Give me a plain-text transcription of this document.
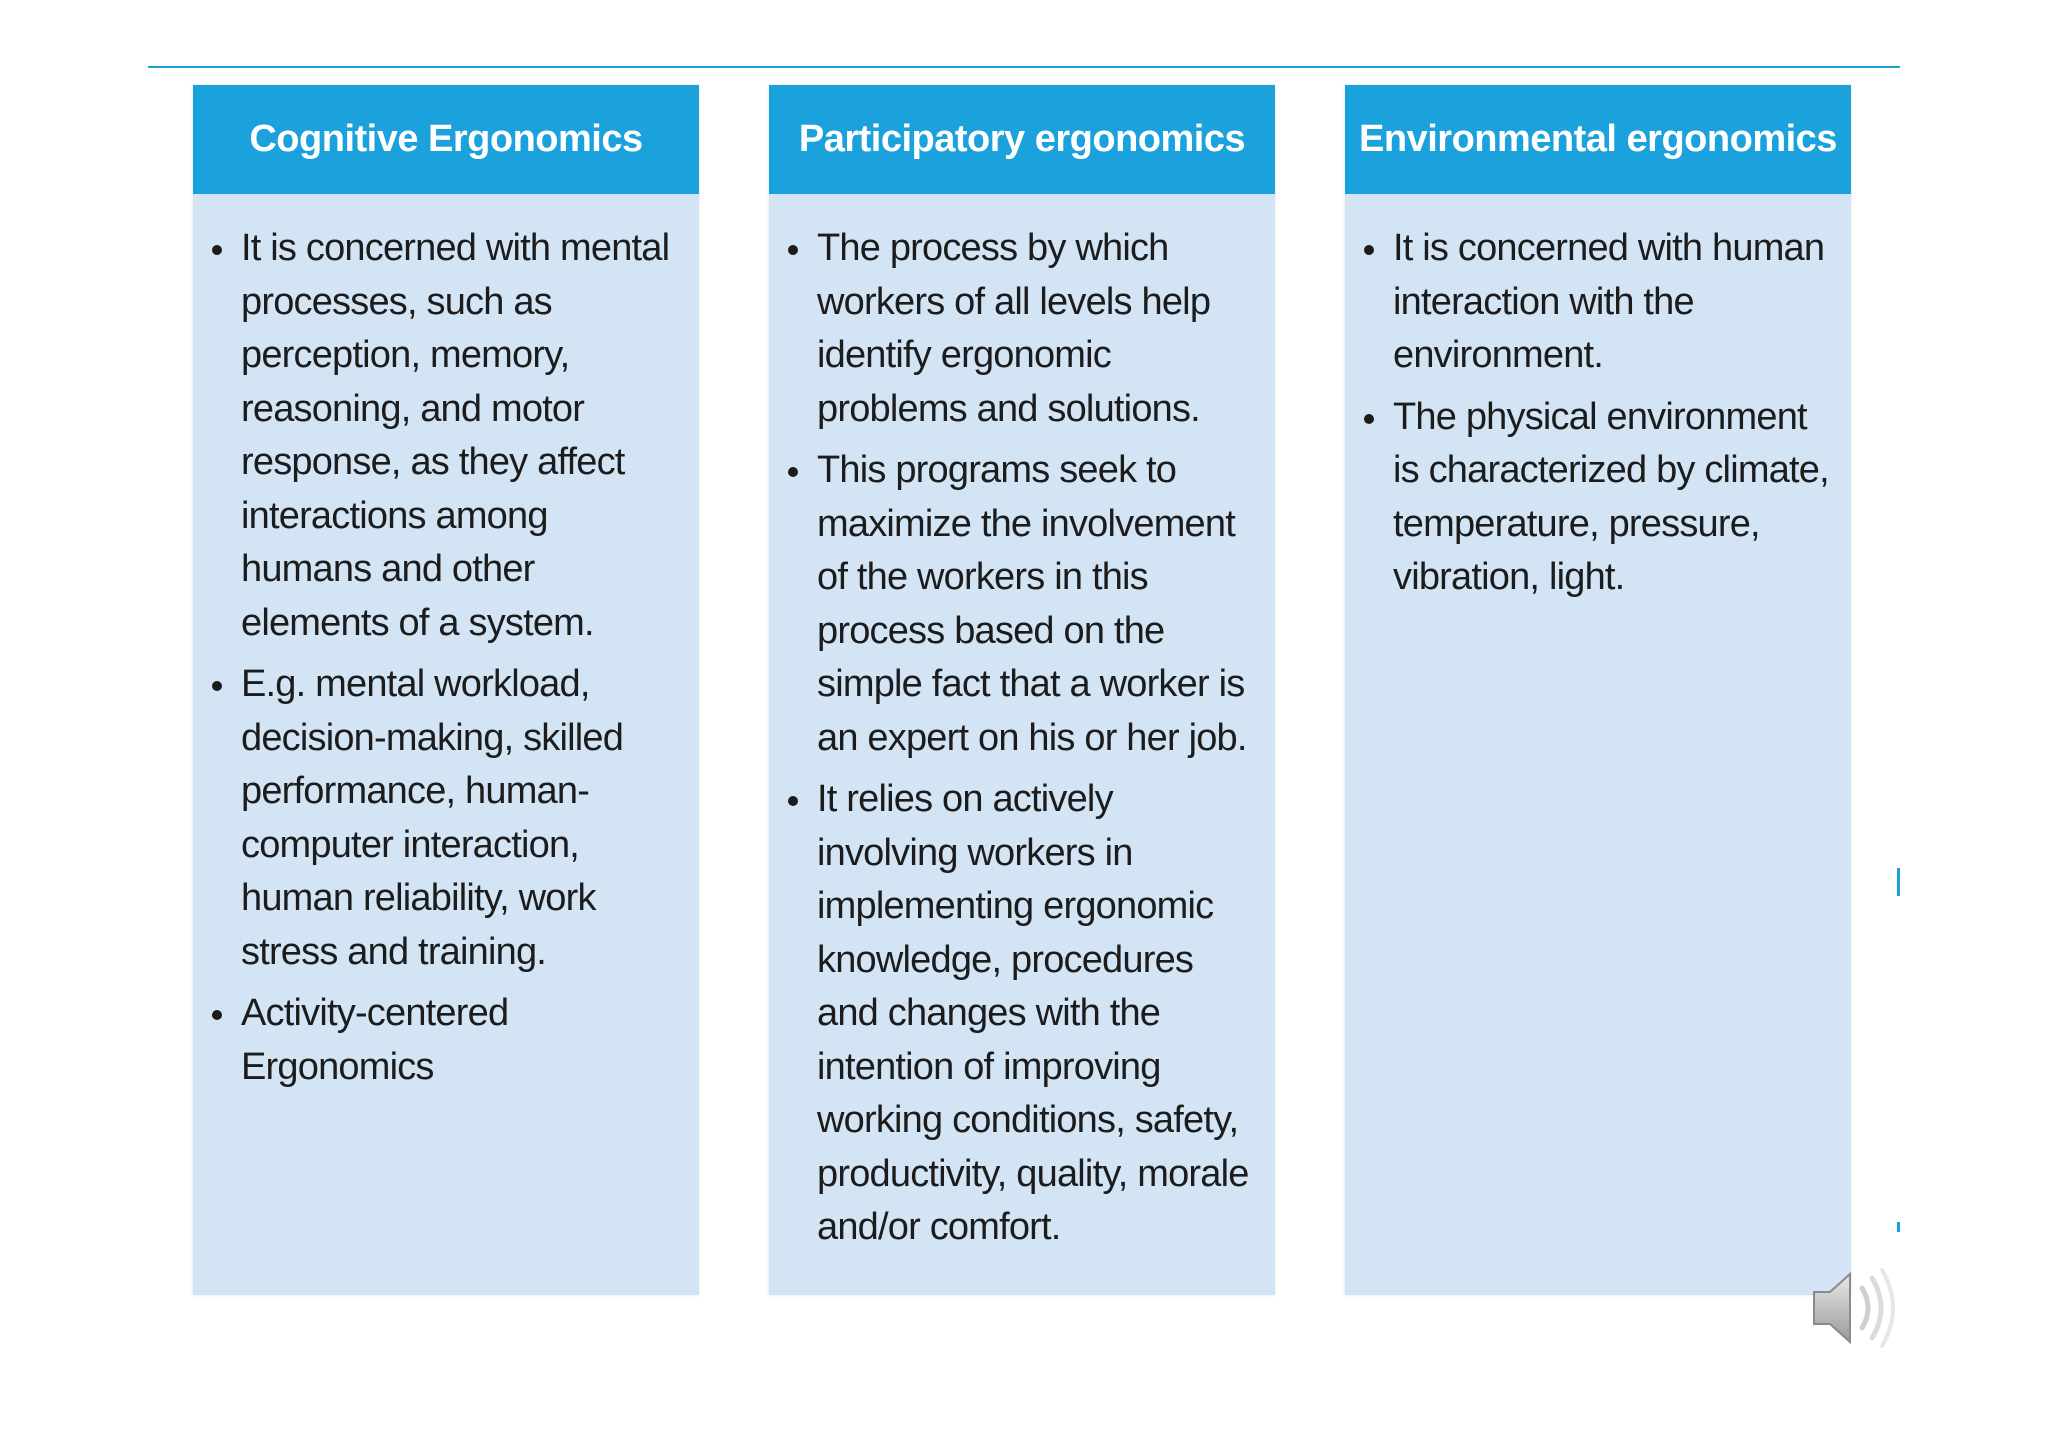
Cognitive Ergonomics
It is concerned with mental processes, such as perception, memory, reasoning, and motor response, as they affect interactions among humans and other elements of a system.
E.g. mental workload, decision-making, skilled performance, human-computer interaction, human reliability, work stress and training.
Activity-centered Ergonomics
Participatory ergonomics
The process by which workers of all levels help identify ergonomic problems and solutions.
This programs seek to maximize the involvement of the workers in this process based on the simple fact that a worker is an expert on his or her job.
It relies on actively involving workers in implementing ergonomic knowledge, procedures and changes with the intention of improving working conditions, safety, productivity, quality, morale and/or comfort.
Environmental ergonomics
It is concerned with human interaction with the environment.
The physical environment is characterized by climate, temperature, pressure, vibration, light.
